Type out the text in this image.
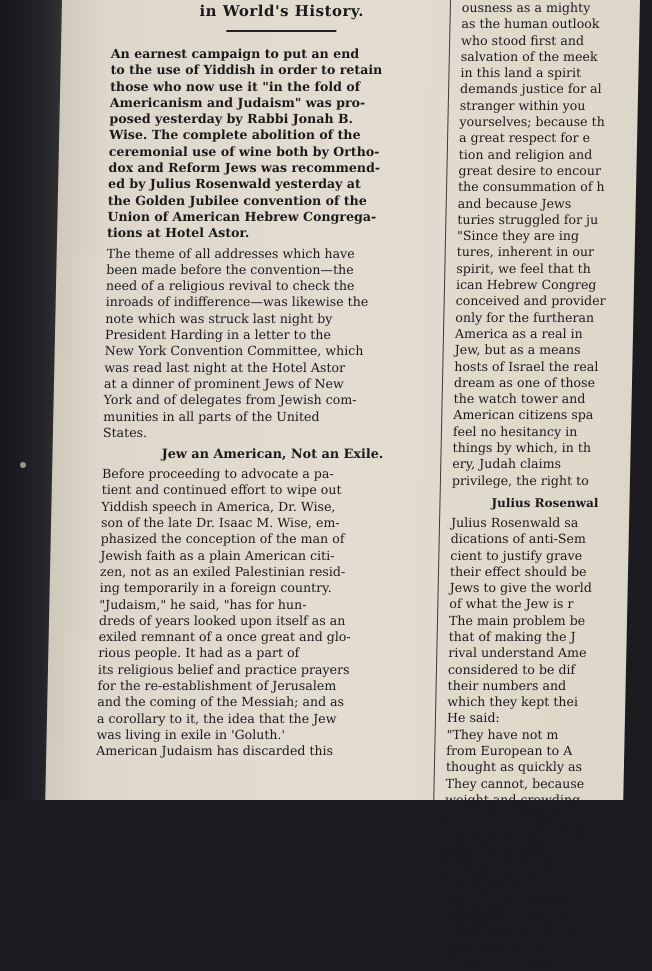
in World's History.

An earnest campaign to put an end
to the use of Yiddish in order to retain
those who now use it "in the fold of
Americanism and Judaism" was pro-
posed yesterday by Rabbi Jonah B.
Wise. The complete abolition of the
ceremonial use of wine both by Ortho-
dox and Reform Jews was recommend-
ed by Julius Rosenwald yesterday at
the Golden Jubilee convention of the
Union of American Hebrew Congrega-
tions at Hotel Astor.

The theme of all addresses which have
been made before the convention—the
need of a religious revival to check the
inroads of indifference—was likewise the
note which was struck last night by
President Harding in a letter to the
New York Convention Committee, which
was read last night at the Hotel Astor
at a dinner of prominent Jews of New
York and of delegates from Jewish com-
munities in all parts of the United
States.

Jew an American, Not an Exile.

Before proceeding to advocate a pa-
tient and continued effort to wipe out
Yiddish speech in America, Dr. Wise,
son of the late Dr. Isaac M. Wise, em-
phasized the conception of the man of
Jewish faith as a plain American citi-
zen, not as an exiled Palestinian resid-
ing temporarily in a foreign country.

"Judaism," he said, "has for hun-
dreds of years looked upon itself as an
exiled remnant of a once great and glo-
rious people. It had as a part of
its religious belief and practice prayers
for the re-establishment of Jerusalem
and the coming of the Messiah; and as
a corollary to it, the idea that the Jew
was living in exile in 'Goluth.'

American Judaism has discarded this

ousness as a mighty
as the human outlook
who stood first and
salvation of the meek
in this land a spirit
demands justice for al
stranger within you
yourselves; because th
a great respect for e
tion and religion and
great desire to encour
the consummation of h
and because Jews
turies struggled for ju
"Since they are ing
tures, inherent in our
spirit, we feel that th
ican Hebrew Congreg
conceived and provider
only for the furtheran
America as a real in
Jew, but as a means
hosts of Israel the real
dream as one of those
the watch tower and
American citizens spa
feel no hesitancy in
things by which, in th
ery, Judah claims
privilege, the right to
Julius Rosenwal
Julius Rosenwald sa
dications of anti-Sem
cient to justify grave
their effect should be
Jews to give the world
of what the Jew is r
The main problem be
that of making the J
rival understand Ame
considered to be dif
their numbers and
which they kept thei
He said:
"They have not m
from European to A
thought as quickly as
They cannot, because
weight and crowding
themselves as quickly
widely dispersed bret
day. As a result, w
Jewish problems.
"It took us many
that the Jews of Am
of Judaism were very
should aim to help o
these two ideals and
of time. The devot
